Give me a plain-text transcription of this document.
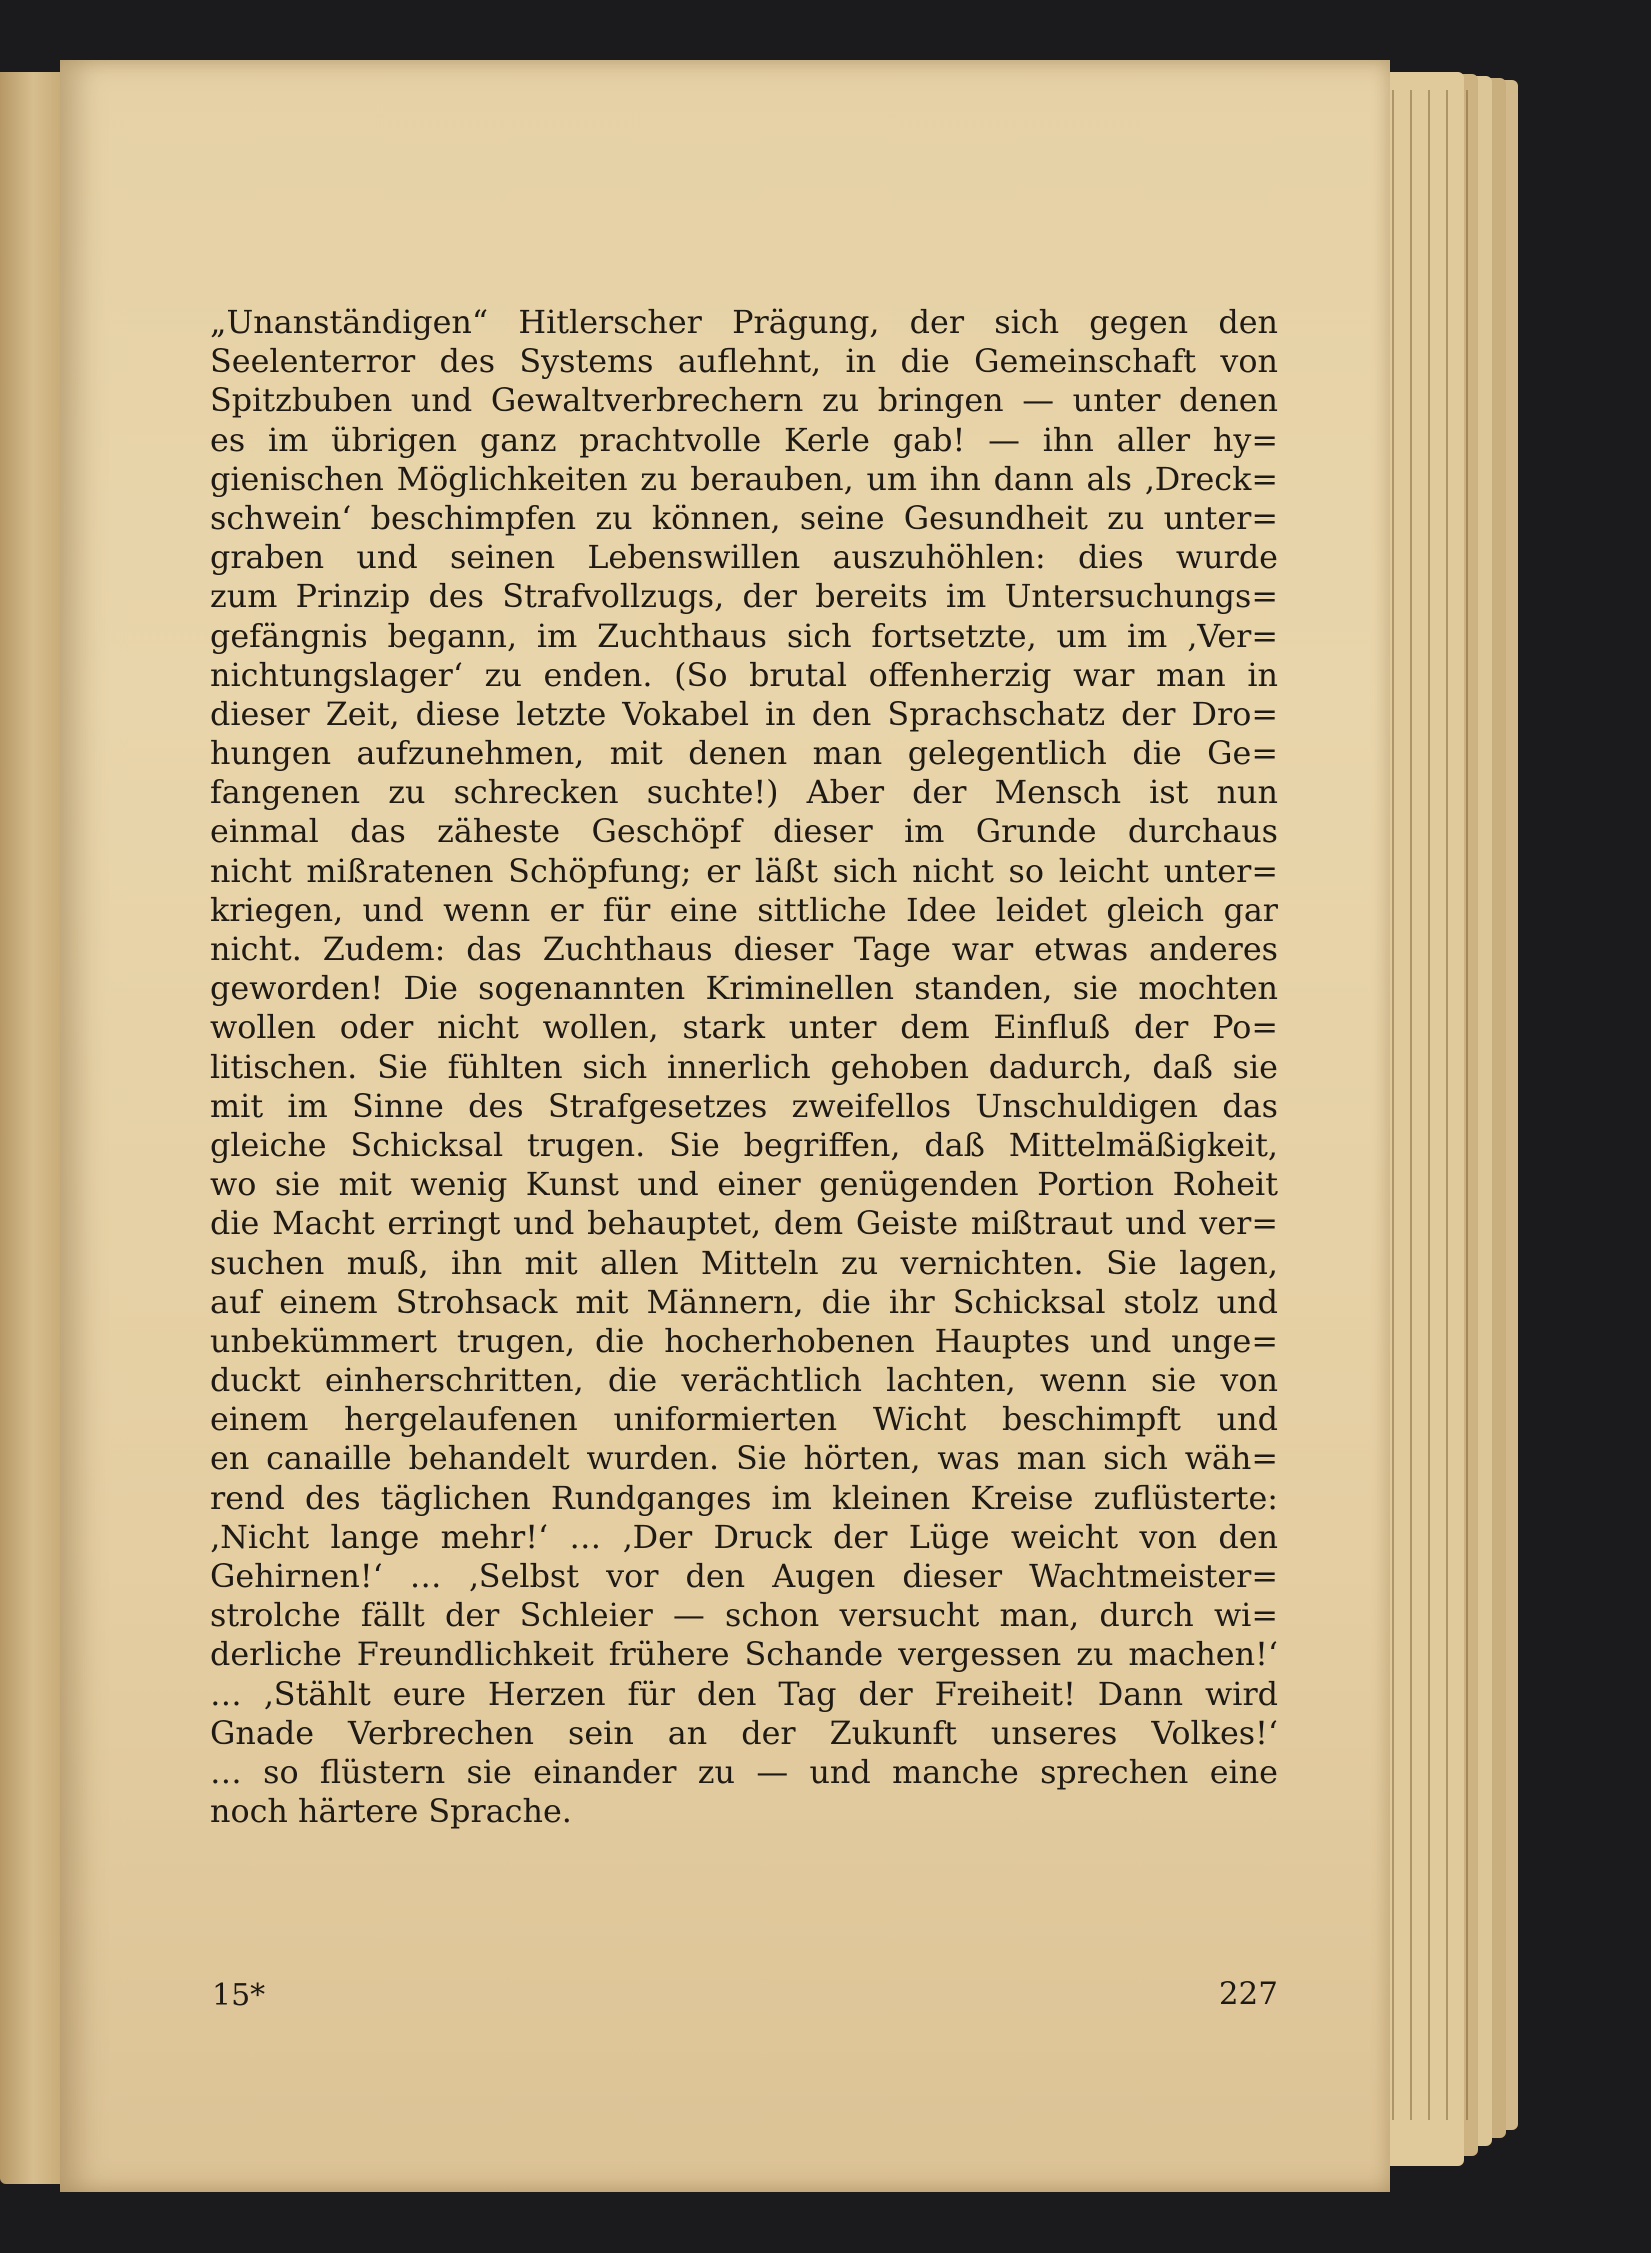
„Unanständigen“ Hitlerscher Prägung, der sich gegen den
Seelenterror des Systems auflehnt, in die Gemeinschaft von
Spitzbuben und Gewaltverbrechern zu bringen — unter denen
es im übrigen ganz prachtvolle Kerle gab! — ihn aller hy=
gienischen Möglichkeiten zu berauben, um ihn dann als ‚Dreck=
schwein‘ beschimpfen zu können, seine Gesundheit zu unter=
graben und seinen Lebenswillen auszuhöhlen: dies wurde
zum Prinzip des Strafvollzugs, der bereits im Untersuchungs=
gefängnis begann, im Zuchthaus sich fortsetzte, um im ‚Ver=
nichtungslager‘ zu enden. (So brutal offenherzig war man in
dieser Zeit, diese letzte Vokabel in den Sprachschatz der Dro=
hungen aufzunehmen, mit denen man gelegentlich die Ge=
fangenen zu schrecken suchte!) Aber der Mensch ist nun
einmal das zäheste Geschöpf dieser im Grunde durchaus
nicht mißratenen Schöpfung; er läßt sich nicht so leicht unter=
kriegen, und wenn er für eine sittliche Idee leidet gleich gar
nicht. Zudem: das Zuchthaus dieser Tage war etwas anderes
geworden! Die sogenannten Kriminellen standen, sie mochten
wollen oder nicht wollen, stark unter dem Einfluß der Po=
litischen. Sie fühlten sich innerlich gehoben dadurch, daß sie
mit im Sinne des Strafgesetzes zweifellos Unschuldigen das
gleiche Schicksal trugen. Sie begriffen, daß Mittelmäßigkeit,
wo sie mit wenig Kunst und einer genügenden Portion Roheit
die Macht erringt und behauptet, dem Geiste mißtraut und ver=
suchen muß, ihn mit allen Mitteln zu vernichten. Sie lagen,
auf einem Strohsack mit Männern, die ihr Schicksal stolz und
unbekümmert trugen, die hocherhobenen Hauptes und unge=
duckt einherschritten, die verächtlich lachten, wenn sie von
einem hergelaufenen uniformierten Wicht beschimpft und
en canaille behandelt wurden. Sie hörten, was man sich wäh=
rend des täglichen Rundganges im kleinen Kreise zuflüsterte:
‚Nicht lange mehr!‘ … ‚Der Druck der Lüge weicht von den
Gehirnen!‘ … ‚Selbst vor den Augen dieser Wachtmeister=
strolche fällt der Schleier — schon versucht man, durch wi=
derliche Freundlichkeit frühere Schande vergessen zu machen!‘
… ‚Stählt eure Herzen für den Tag der Freiheit! Dann wird
Gnade Verbrechen sein an der Zukunft unseres Volkes!‘
… so flüstern sie einander zu — und manche sprechen eine
noch härtere Sprache.
15*	227
